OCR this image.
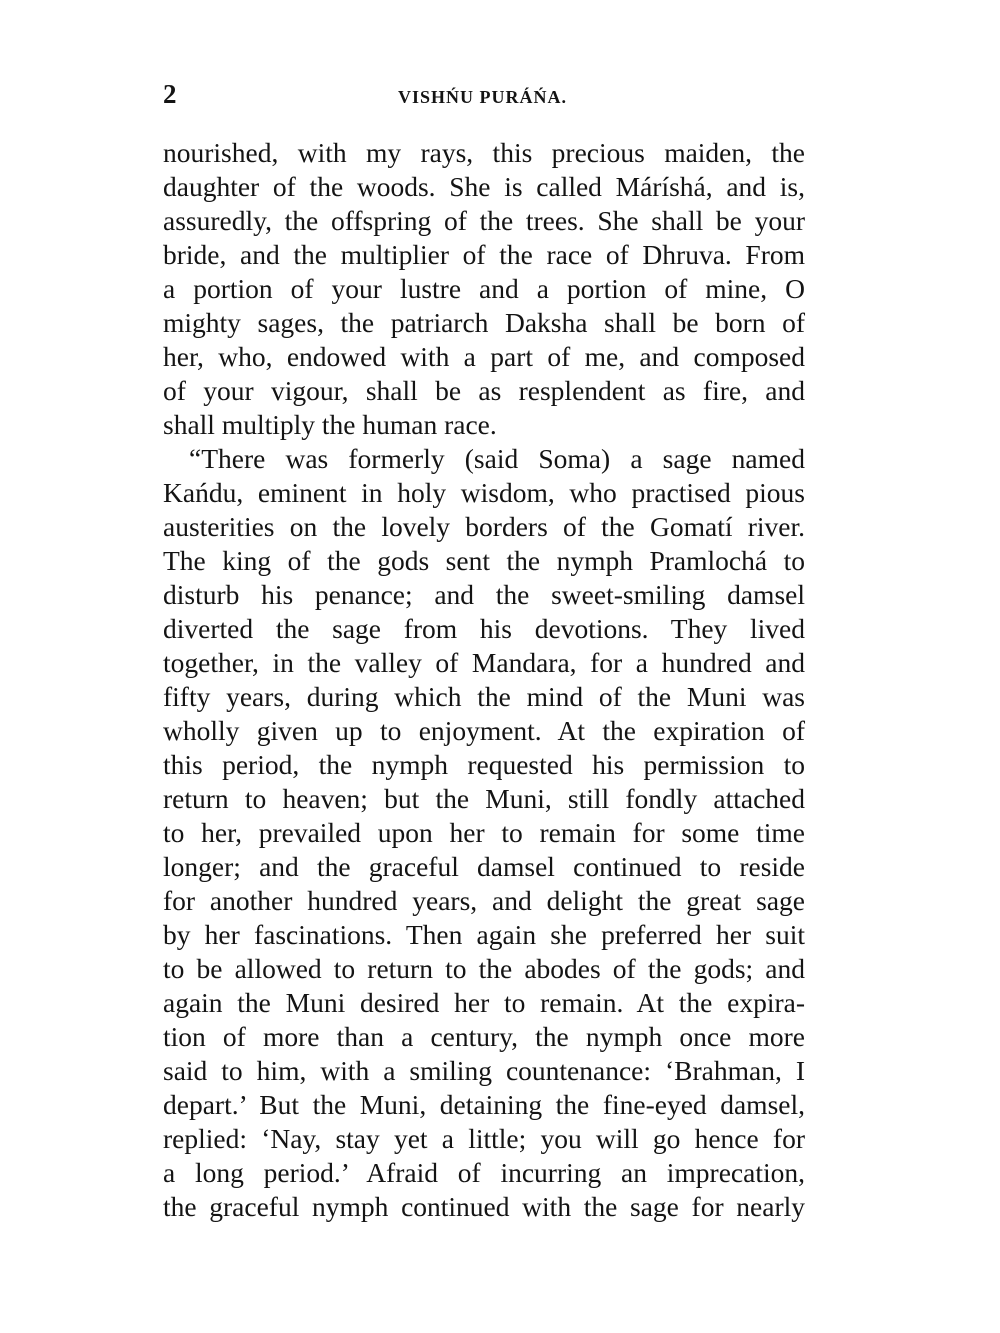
2	VISHŃU PURÁŃA.
nourished, with my rays, this precious maiden, the
daughter of the woods. She is called Máríshá, and is,
assuredly, the offspring of the trees. She shall be your
bride, and the multiplier of the race of Dhruva. From
a portion of your lustre and a portion of mine, O
mighty sages, the patriarch Daksha shall be born of
her, who, endowed with a part of me, and composed
of your vigour, shall be as resplendent as fire, and
shall multiply the human race.
“There was formerly (said Soma) a sage named
Kańdu, eminent in holy wisdom, who practised pious
austerities on the lovely borders of the Gomatí river.
The king of the gods sent the nymph Pramlochá to
disturb his penance; and the sweet-smiling damsel
diverted the sage from his devotions. They lived
together, in the valley of Mandara, for a hundred and
fifty years, during which the mind of the Muni was
wholly given up to enjoyment. At the expiration of
this period, the nymph requested his permission to
return to heaven; but the Muni, still fondly attached
to her, prevailed upon her to remain for some time
longer; and the graceful damsel continued to reside
for another hundred years, and delight the great sage
by her fascinations. Then again she preferred her suit
to be allowed to return to the abodes of the gods; and
again the Muni desired her to remain. At the expira-
tion of more than a century, the nymph once more
said to him, with a smiling countenance: ‘Brahman, I
depart.’ But the Muni, detaining the fine-eyed damsel,
replied: ‘Nay, stay yet a little; you will go hence for
a long period.’ Afraid of incurring an imprecation,
the graceful nymph continued with the sage for nearly
